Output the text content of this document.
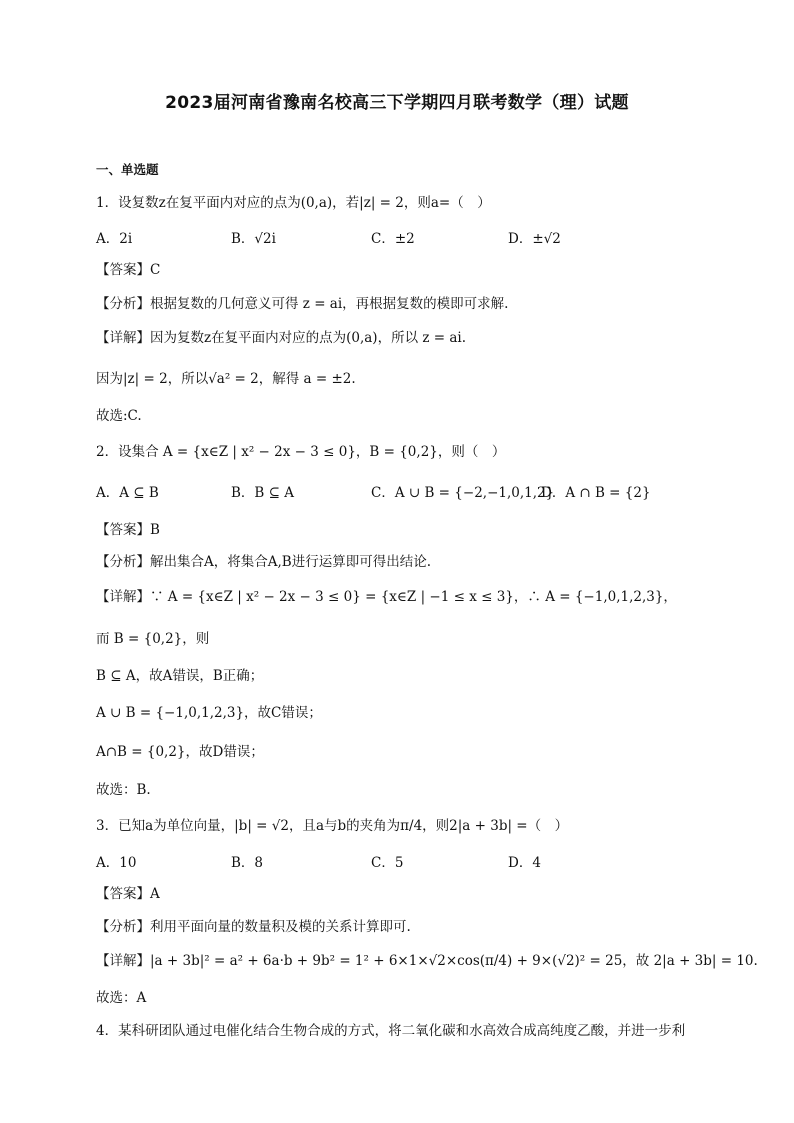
2023届河南省豫南名校高三下学期四月联考数学（理）试题
一、单选题
1．设复数z在复平面内对应的点为(0,a)，若|z| = 2，则a=（　）
A．2i	B．√2i	C．±2	D．±√2
【答案】C
【分析】根据复数的几何意义可得 z = ai，再根据复数的模即可求解.
【详解】因为复数z在复平面内对应的点为(0,a)，所以 z = ai.
因为|z| = 2，所以√a² = 2，解得 a = ±2.
故选:C.
2．设集合 A = {x∈Z | x² − 2x − 3 ≤ 0}，B = {0,2}，则（　）
A．A ⊆ B	B．B ⊆ A	C．A ∪ B = {−2,−1,0,1,2}
D．A ∩ B = {2}
【答案】B
【分析】解出集合A，将集合A,B进行运算即可得出结论.
【详解】∵ A = {x∈Z | x² − 2x − 3 ≤ 0} = {x∈Z | −1 ≤ x ≤ 3}，∴ A = {−1,0,1,2,3}，
而 B = {0,2}，则
B ⊆ A，故A错误，B正确；
A ∪ B = {−1,0,1,2,3}，故C错误；
A∩B = {0,2}，故D错误；
故选：B.
3．已知a为单位向量，|b| = √2，且a与b的夹角为π/4，则2|a + 3b| =（　）
A．10	B．8	C．5	D．4
【答案】A
【分析】利用平面向量的数量积及模的关系计算即可.
【详解】|a + 3b|² = a² + 6a·b + 9b² = 1² + 6×1×√2×cos(π/4) + 9×(√2)² = 25，故 2|a + 3b| = 10.
故选：A
4．某科研团队通过电催化结合生物合成的方式，将二氧化碳和水高效合成高纯度乙酸，并进一步利
